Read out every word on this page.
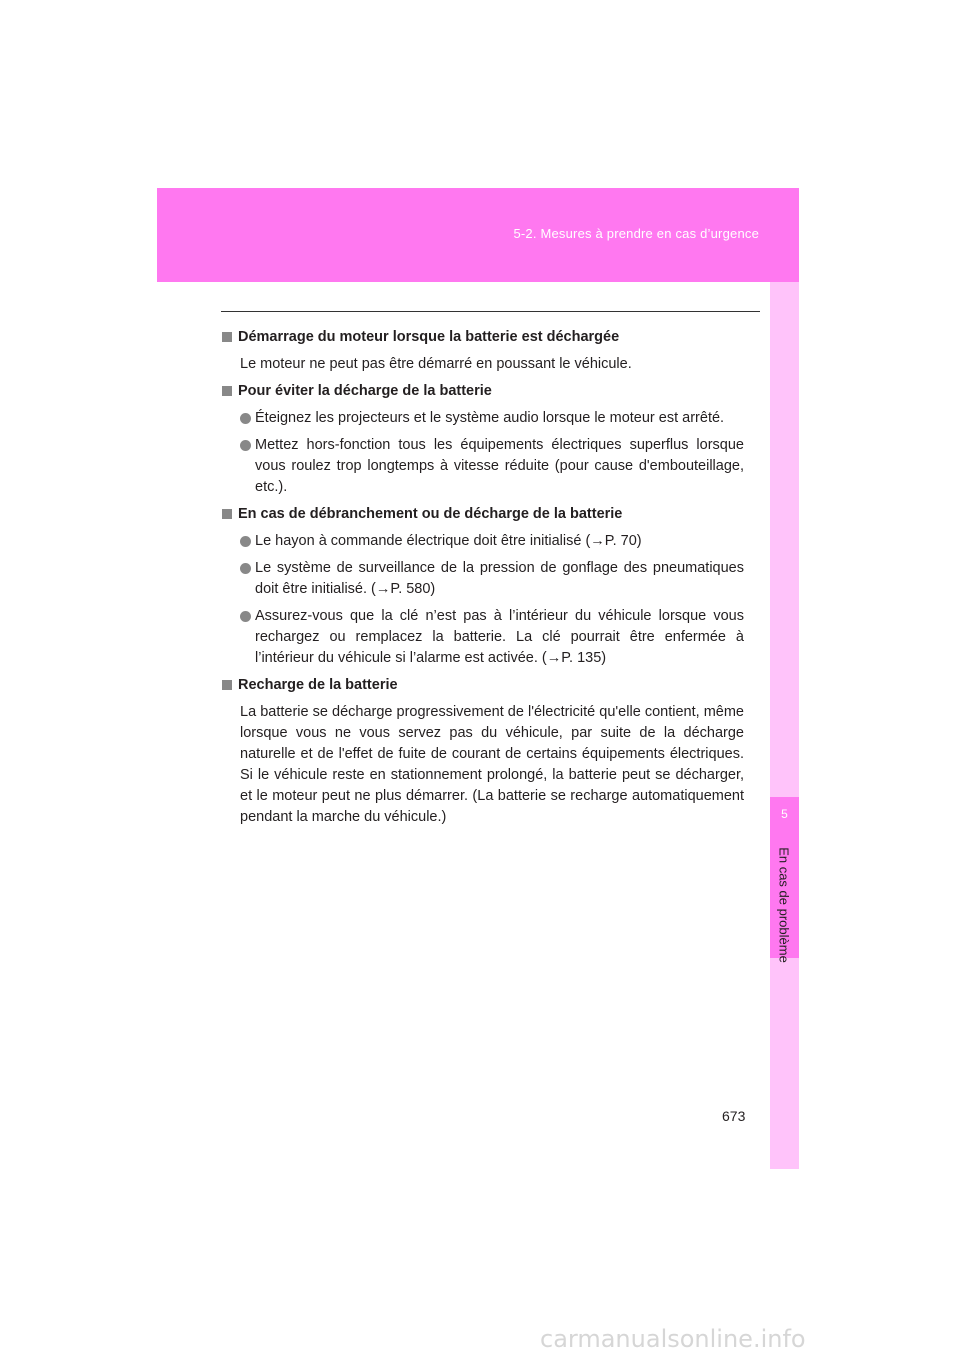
5-2. Mesures à prendre en cas d’urgence
5
En cas de problème
Démarrage du moteur lorsque la batterie est déchargée
Le moteur ne peut pas être démarré en poussant le véhicule.
Pour éviter la décharge de la batterie
Éteignez les projecteurs et le système audio lorsque le moteur est arrêté.
Mettez hors-fonction tous les équipements électriques superflus lorsque vous roulez trop longtemps à vitesse réduite (pour cause d'embouteillage, etc.).
En cas de débranchement ou de décharge de la batterie
Le hayon à commande électrique doit être initialisé (→P. 70)
Le système de surveillance de la pression de gonflage des pneumatiques doit être initialisé. (→P. 580)
Assurez-vous que la clé n’est pas à l’intérieur du véhicule lorsque vous rechargez ou remplacez la batterie. La clé pourrait être enfermée à l’intérieur du véhicule si l’alarme est activée. (→P. 135)
Recharge de la batterie
La batterie se décharge progressivement de l'électricité qu'elle contient, même lorsque vous ne vous servez pas du véhicule, par suite de la décharge naturelle et de l'effet de fuite de courant de certains équipements électriques. Si le véhicule reste en stationnement prolongé, la batterie peut se décharger, et le moteur peut ne plus démarrer. (La batterie se recharge automatiquement pendant la marche du véhicule.)
673
carmanualsonline.info
